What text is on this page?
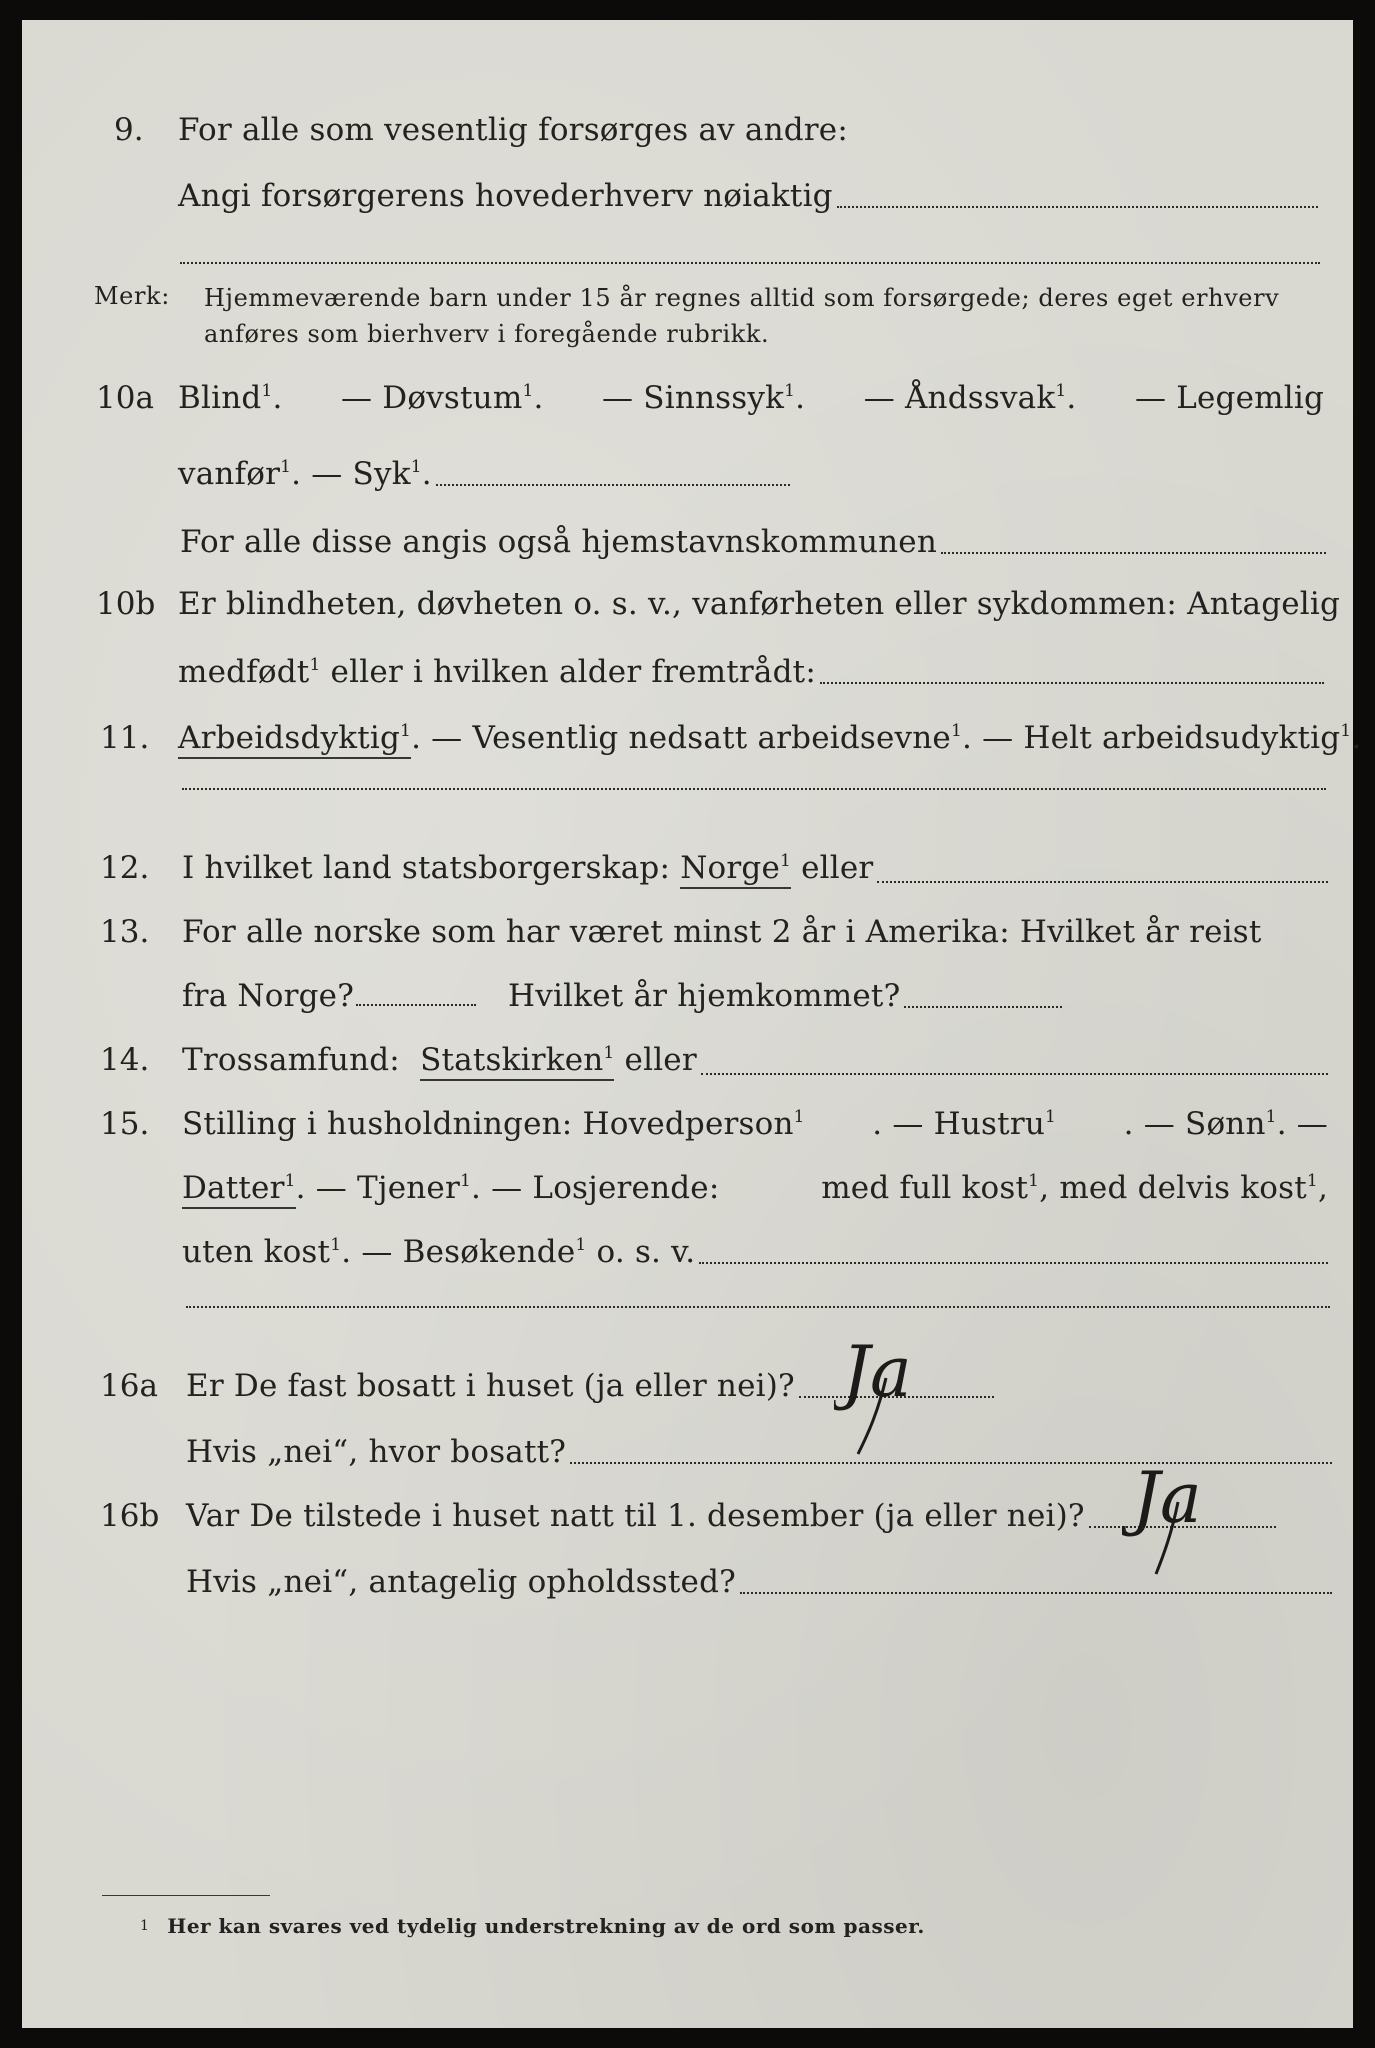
9. For alle som vesentlig forsørges av andre:
Angi forsørgerens hovederhverv nøiaktig
Merk: Hjemmeværende barn under 15 år regnes alltid som forsørgede; deres eget erhverv
anføres som bierhverv i foregående rubrikk.
10a Blind$^1$. — Døvstum$^1$. — Sinnssyk$^1$. — Åndssvak$^1$. — Legemlig
vanfør$^1$.
— Syk$^1$.
For alle disse angis også hjemstavnskommunen
10b Er blindheten, døvheten o. s. v., vanførheten eller sykdommen: Antagelig
medfødt$^1$
eller i hvilken alder fremtrådt:
11. Arbeidsdyktig$^1$ . — Vesentlig nedsatt arbeidsevne$^1$ . — Helt arbeidsudyktig$^1$.
12. I hvilket land statsborgerskap:
Norge$^1$
eller
13. For alle norske som har været minst 2 år i Amerika: Hvilket år reist
fra Norge?	Hvilket år hjemkommet?
14. Trossamfund:
Statskirken$^1$
eller
15. Stilling i husholdningen: Hovedperson$^1$ . — Hustru$^1$ . — Sønn$^1$. —
Datter$^1$. — Tjener$^1$. — Losjerende:	med full kost$^1$, med delvis kost$^1$,
uten kost$^1$ . — Besøkende$^1$
o. s. v.
16a Er De fast bosatt i huset (ja eller nei)? Ja
Hvis „nei“, hvor bosatt?
16b Var De tilstede i huset natt til 1. desember (ja eller nei)? Ja
Hvis „nei“, antagelig opholdssted?
$^1$ Her kan svares ved tydelig understrekning av de ord som passer.
